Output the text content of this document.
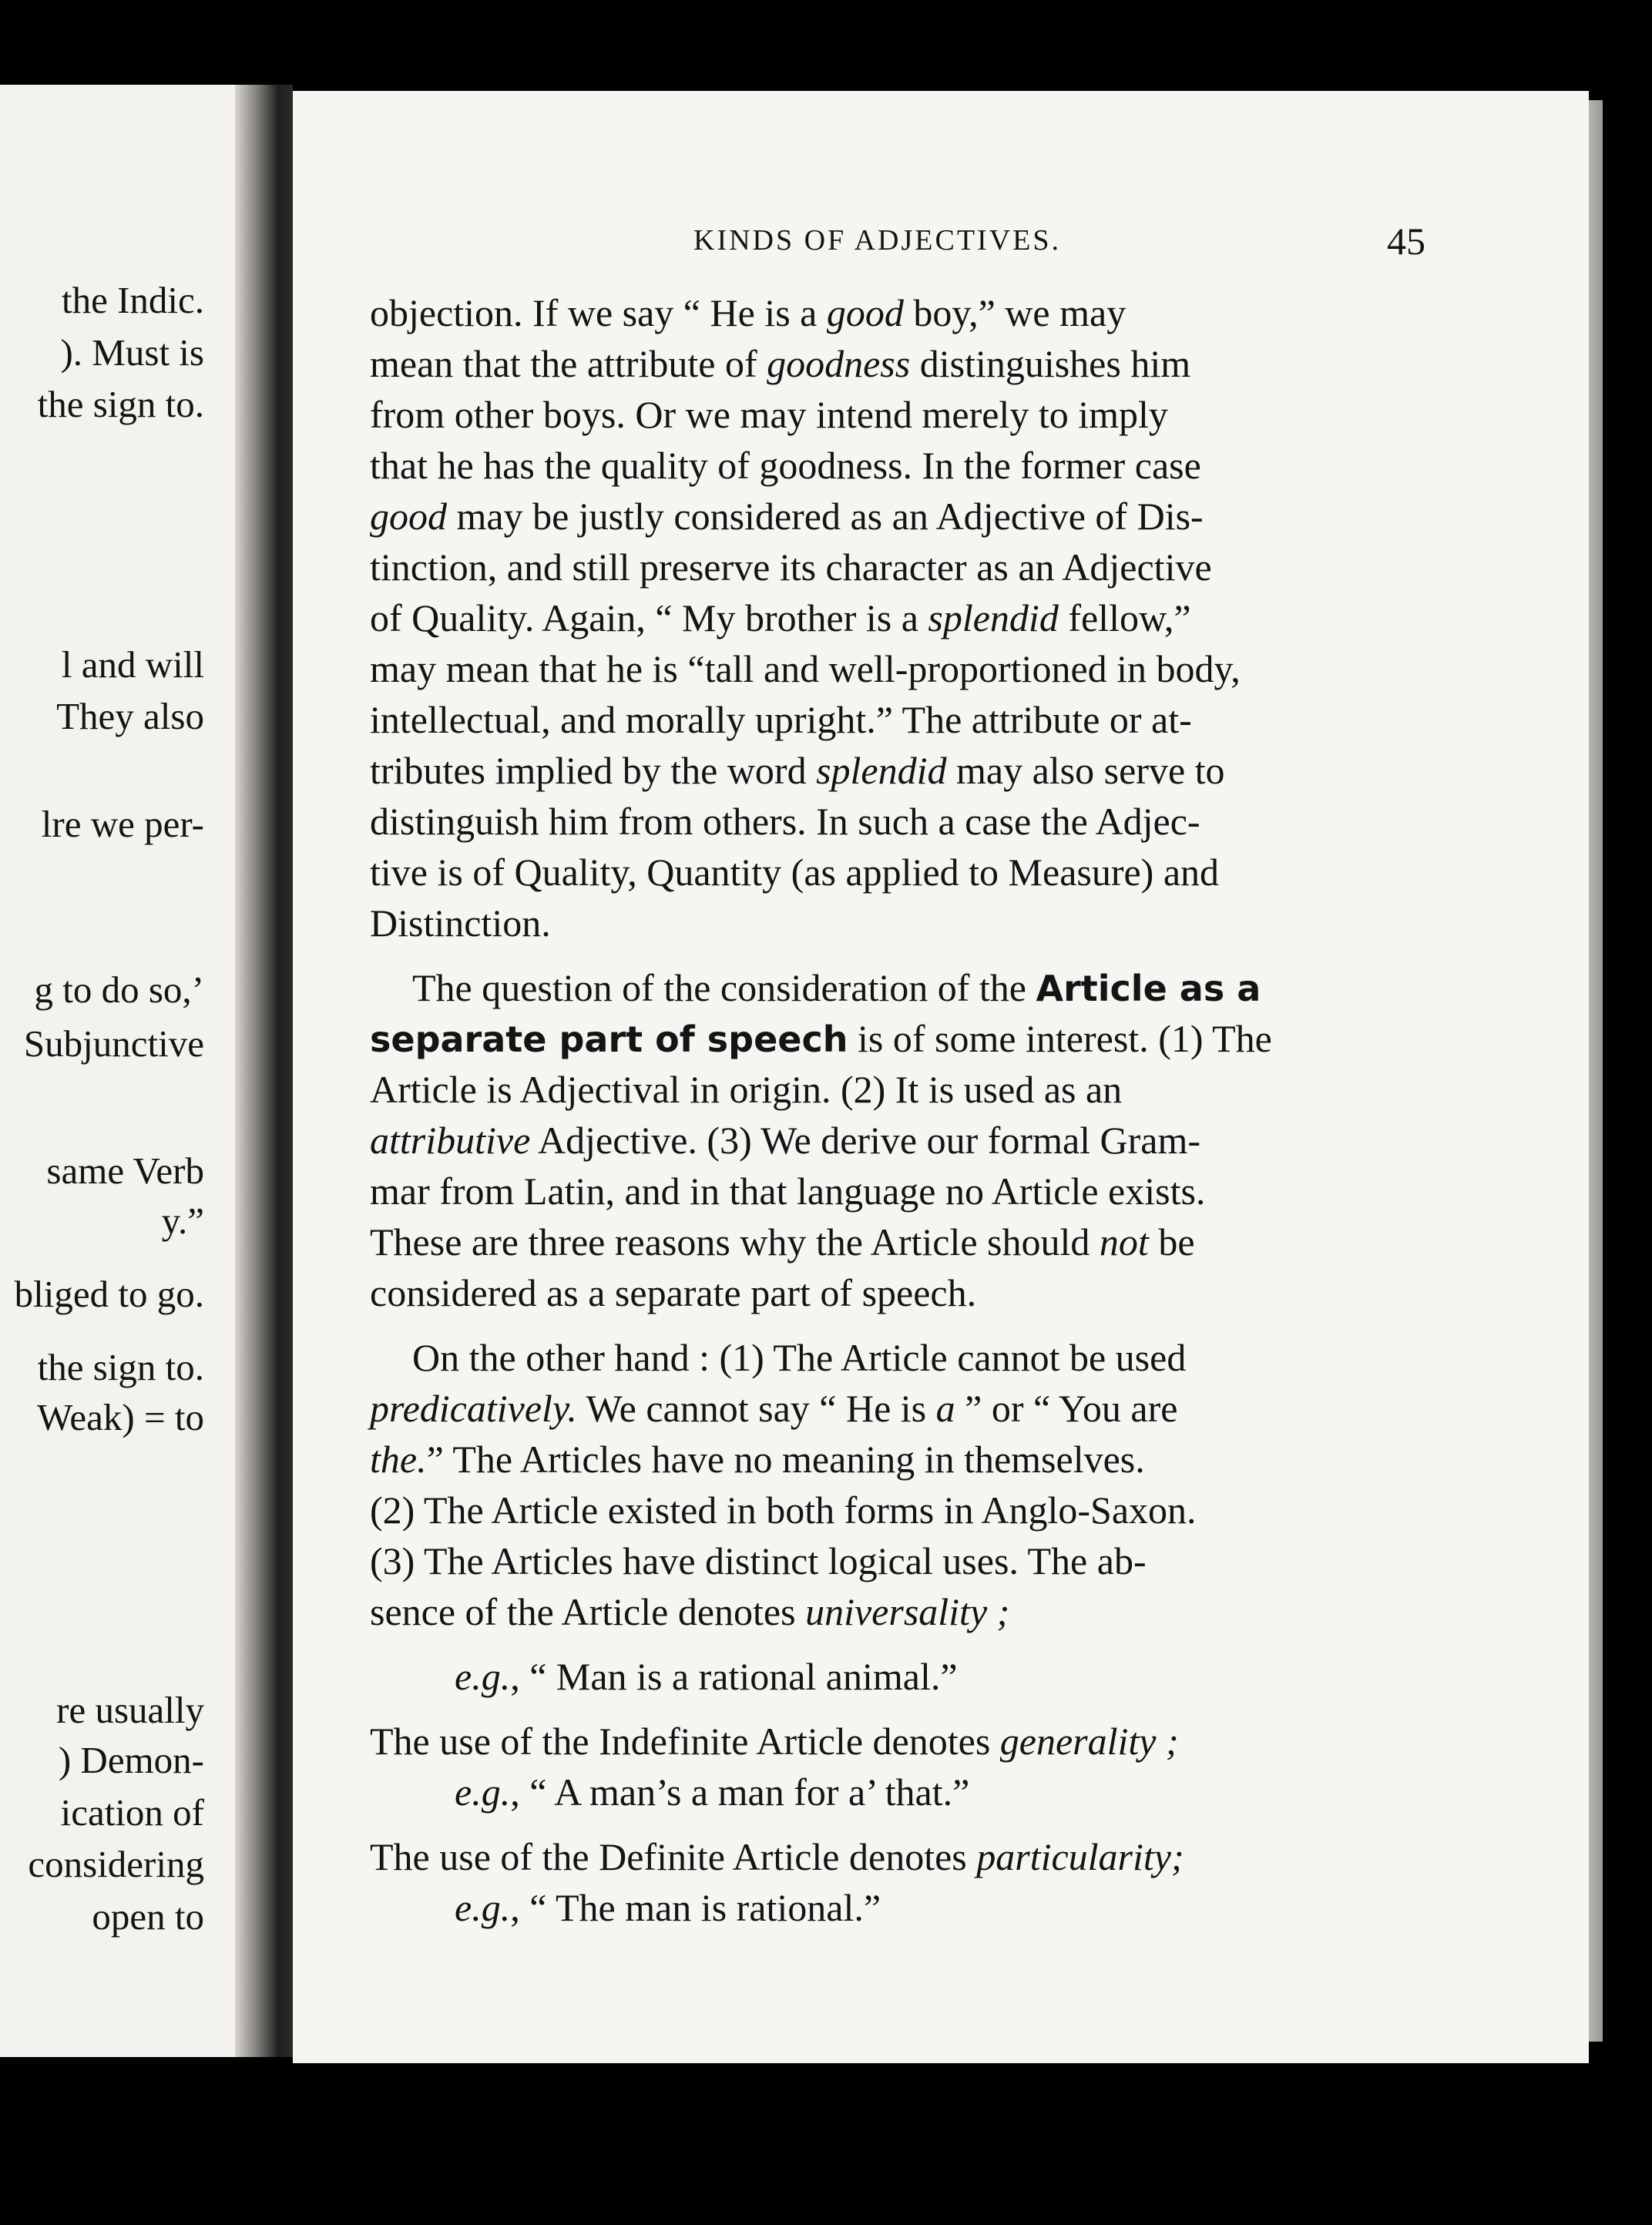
the Indic.
). Must is
the sign to.
l and will
They also
lre we per-
g to do so,’
Subjunctive
same Verb
y.”
bliged to go.
the sign to.
Weak) = to
re usually
) Demon-
ication of
considering
open to
KINDS OF ADJECTIVES.	45
objection. If we say “ He is a good boy,” we may
mean that the attribute of goodness distinguishes him
from other boys. Or we may intend merely to imply
that he has the quality of goodness. In the former case
good may be justly considered as an Adjective of Dis-
tinction, and still preserve its character as an Adjective
of Quality. Again, “ My brother is a splendid fellow,”
may mean that he is “tall and well-proportioned in body,
intellectual, and morally upright.” The attribute or at-
tributes implied by the word splendid may also serve to
distinguish him from others. In such a case the Adjec-
tive is of Quality, Quantity (as applied to Measure) and
Distinction.
The question of the consideration of the Article as a
separate part of speech is of some interest. (1) The
Article is Adjectival in origin. (2) It is used as an
attributive Adjective. (3) We derive our formal Gram-
mar from Latin, and in that language no Article exists.
These are three reasons why the Article should not be
considered as a separate part of speech.
On the other hand : (1) The Article cannot be used
predicatively. We cannot say “ He is a ” or “ You are
the.” The Articles have no meaning in themselves.
(2) The Article existed in both forms in Anglo-Saxon.
(3) The Articles have distinct logical uses. The ab-
sence of the Article denotes universality ;
e.g., “ Man is a rational animal.”
The use of the Indefinite Article denotes generality ;
e.g., “ A man’s a man for a’ that.”
The use of the Definite Article denotes particularity;
e.g., “ The man is rational.”
